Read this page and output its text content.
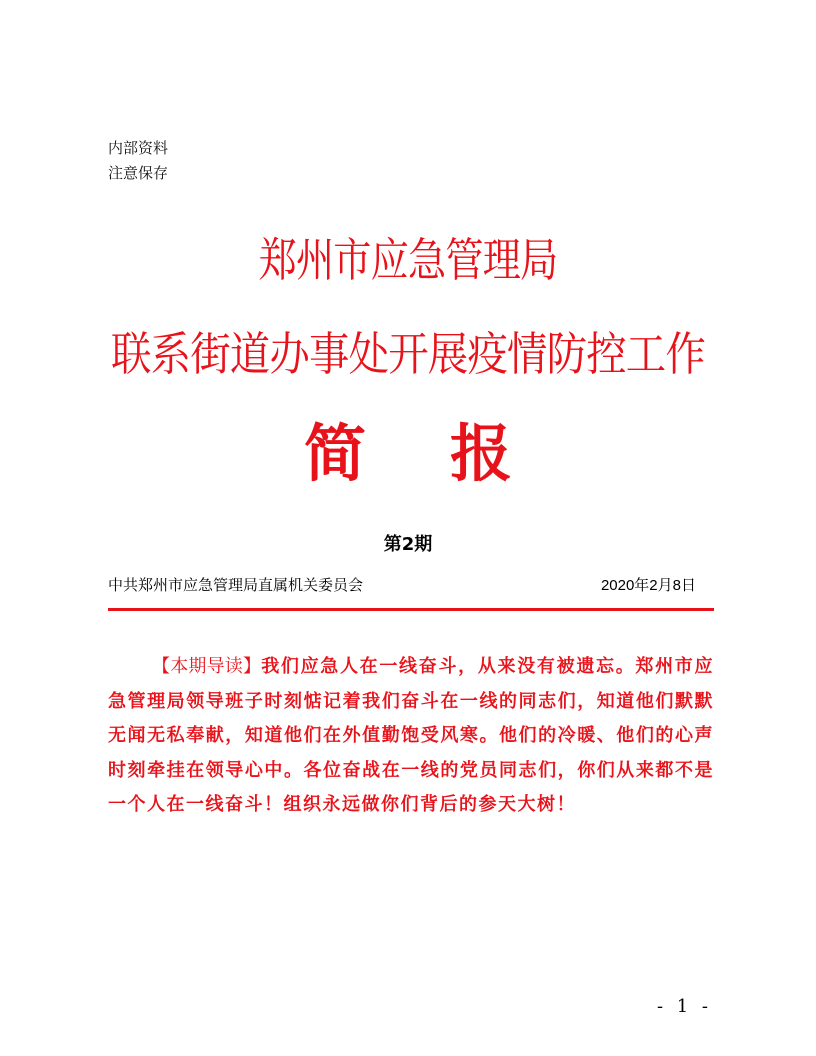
内部资料
注意保存
郑州市应急管理局
联系街道办事处开展疫情防控工作
简报
第2期
中共郑州市应急管理局直属机关委员会	2020年2月8日
【本期导读】我们应急人在一线奋斗，从来没有被遗忘。郑州市应急管理局领导班子时刻惦记着我们奋斗在一线的同志们，知道他们默默无闻无私奉献，知道他们在外值勤饱受风寒。他们的冷暖、他们的心声时刻牵挂在领导心中。各位奋战在一线的党员同志们，你们从来都不是一个人在一线奋斗！组织永远做你们背后的参天大树！
- 1 -
